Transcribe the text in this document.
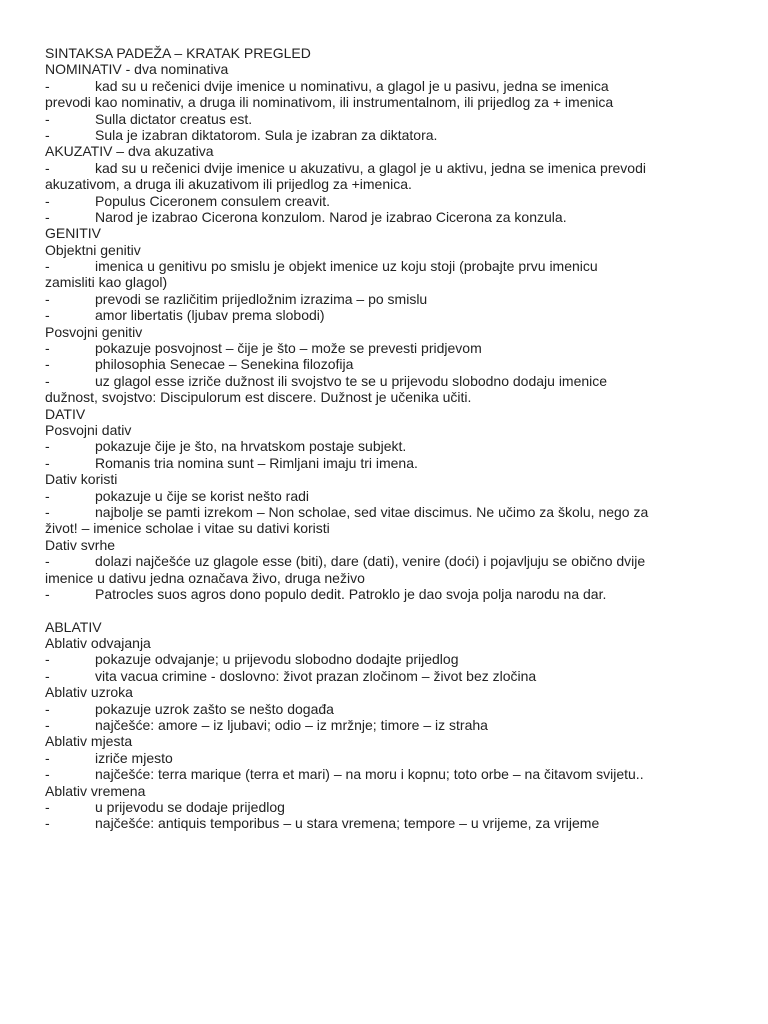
SINTAKSA PADEŽA – KRATAK PREGLED
NOMINATIV - dva nominativa
-	kad su u rečenici dvije imenice u nominativu, a glagol je u pasivu, jedna se imenica
prevodi kao nominativ, a druga ili nominativom, ili instrumentalnom, ili prijedlog za + imenica
-	Sulla dictator creatus est.
-	Sula je izabran diktatorom. Sula je izabran za diktatora.
AKUZATIV – dva akuzativa
-	kad su u rečenici dvije imenice u akuzativu, a glagol je u aktivu, jedna se imenica prevodi
akuzativom, a druga ili akuzativom ili prijedlog za +imenica.
-	Populus Ciceronem consulem creavit.
-	Narod je izabrao Cicerona konzulom. Narod je izabrao Cicerona za konzula.
GENITIV
Objektni genitiv
-	imenica u genitivu po smislu je objekt imenice uz koju stoji (probajte prvu imenicu
zamisliti kao glagol)
-	prevodi se različitim prijedložnim izrazima – po smislu
-	amor libertatis (ljubav prema slobodi)
Posvojni genitiv
-	pokazuje posvojnost – čije je što – može se prevesti pridjevom
-	philosophia Senecae – Senekina filozofija
-	uz glagol esse izriče dužnost ili svojstvo te se u prijevodu slobodno dodaju imenice
dužnost, svojstvo: Discipulorum est discere. Dužnost je učenika učiti.
DATIV
Posvojni dativ
-	pokazuje čije je što, na hrvatskom postaje subjekt.
-	Romanis tria nomina sunt – Rimljani imaju tri imena.
Dativ koristi
-	pokazuje u čije se korist nešto radi
-	najbolje se pamti izrekom – Non scholae, sed vitae discimus. Ne učimo za školu, nego za
život! – imenice scholae i vitae su dativi koristi
Dativ svrhe
-	dolazi najčešće uz glagole esse (biti), dare (dati), venire (doći) i pojavljuju se obično dvije
imenice u dativu jedna označava živo, druga neživo
-	Patrocles suos agros dono populo dedit. Patroklo je dao svoja polja narodu na dar.
ABLATIV
Ablativ odvajanja
-	pokazuje odvajanje; u prijevodu slobodno dodajte prijedlog
-	vita vacua crimine - doslovno: život prazan zločinom – život bez zločina
Ablativ uzroka
-	pokazuje uzrok zašto se nešto događa
-	najčešće: amore – iz ljubavi; odio – iz mržnje; timore – iz straha
Ablativ mjesta
-	izriče mjesto
-	najčešće: terra marique (terra et mari) – na moru i kopnu; toto orbe – na čitavom svijetu..
Ablativ vremena
-	u prijevodu se dodaje prijedlog
-	najčešće: antiquis temporibus – u stara vremena; tempore – u vrijeme, za vrijeme
